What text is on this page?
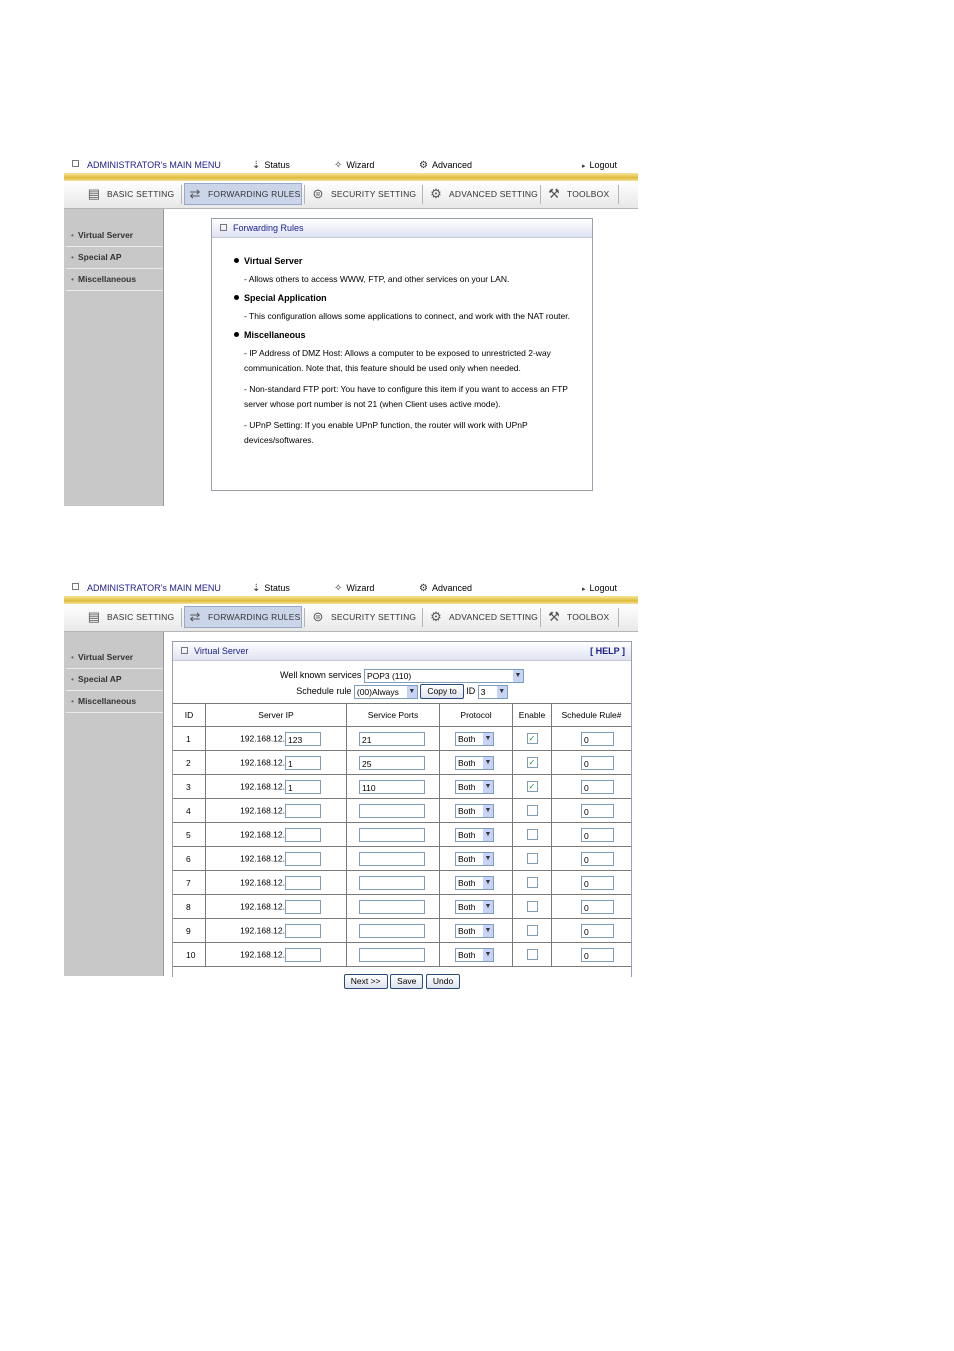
ADMINISTRATOR's MAIN MENU	⇣ Status	✧ Wizard	⚙ Advanced	▸ Logout
▤ BASIC SETTING	⇄ FORWARDING RULES ⊜ SECURITY SETTING	⚙ ADVANCED SETTING ⚒ TOOLBOX
• Virtual Server
• Special AP
• Miscellaneous
Forwarding Rules
Virtual Server
- Allows others to access WWW, FTP, and other services on your LAN.
Special Application
- This configuration allows some applications to connect, and work with the NAT router.
Miscellaneous
- IP Address of DMZ Host: Allows a computer to be exposed to unrestricted 2-way communication. Note that, this feature should be used only when needed.
- Non-standard FTP port: You have to configure this item if you want to access an FTP server whose port number is not 21 (when Client uses active mode).
- UPnP Setting: If you enable UPnP function, the router will work with UPnP devices/softwares.
ADMINISTRATOR's MAIN MENU	⇣ Status	✧ Wizard	⚙ Advanced	▸ Logout
▤ BASIC SETTING	⇄ FORWARDING RULES ⊜ SECURITY SETTING	⚙ ADVANCED SETTING ⚒ TOOLBOX
• Virtual Server
• Special AP
• Miscellaneous
Virtual Server	[ HELP ]
Well known services POP3 (110)	▼
Schedule rule (00)Always ▼ Copy to ID 3 ▼
ID	Server IP	Service Ports	Protocol	Enable	Schedule Rule#
1	192.168.12. 123	21	Both ▼	✓	0
2	192.168.12. 1	25	Both ▼	✓	0
3	192.168.12. 1	110	Both ▼	✓	0
4	192.168.12.		Both ▼		0
5	192.168.12.		Both ▼		0
6	192.168.12.		Both ▼		0
7	192.168.12.		Both ▼		0
8	192.168.12.		Both ▼		0
9	192.168.12.		Both ▼		0
10	192.168.12.		Both ▼		0
Next >> Save Undo
